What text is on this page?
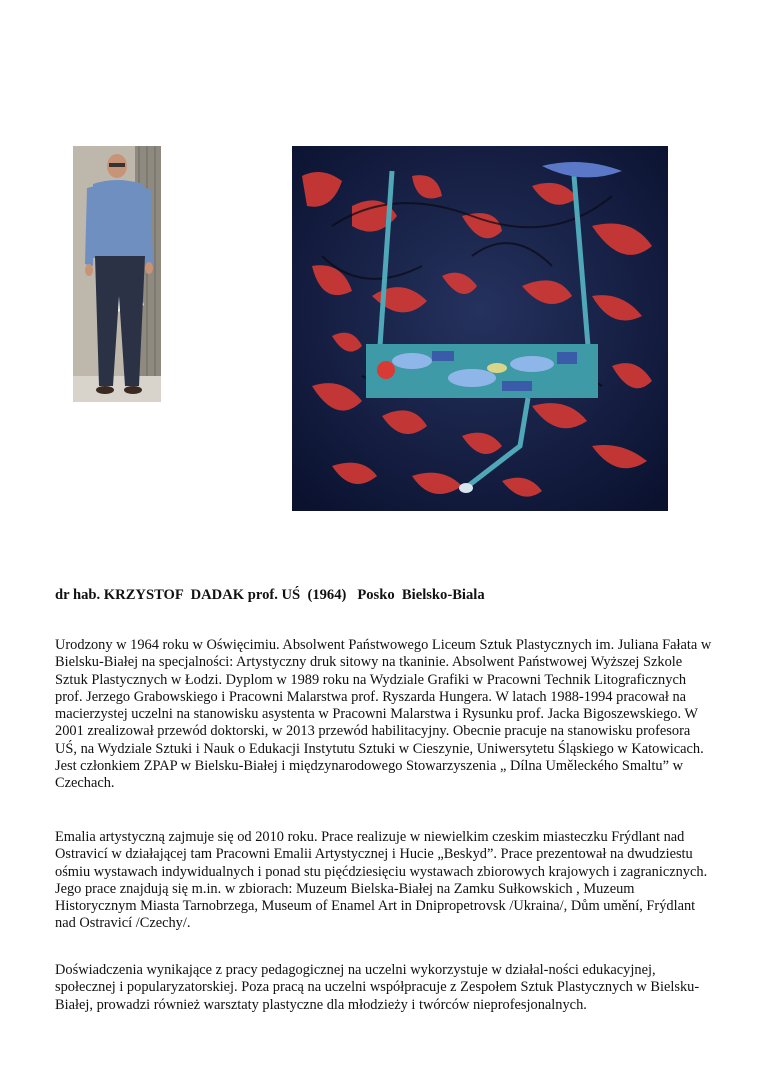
dr hab. KRZYSTOF  DADAK prof. UŚ  (1964)   Posko  Bielsko-Biala

Urodzony w 1964 roku w Oświęcimiu. Absolwent Państwowego Liceum Sztuk Plastycznych im. Juliana Fałata w Bielsku-Białej na specjalności: Artystyczny druk sitowy na tkaninie. Absolwent Państwowej Wyższej Szkole Sztuk Plastycznych w Łodzi. Dyplom w 1989 roku na Wydziale Grafiki w Pracowni Technik Litograficznych prof. Jerzego Grabowskiego i Pracowni Malarstwa prof. Ryszarda Hungera. W latach 1988-1994 pracował na macierzystej uczelni na stanowisku asystenta w Pracowni Malarstwa i Rysunku prof. Jacka Bigoszewskiego. W 2001 zrealizował przewód doktorski, w 2013 przewód habilitacyjny. Obecnie pracuje na stanowisku profesora UŚ, na Wydziale Sztuki i Nauk o Edukacji Instytutu Sztuki w Cieszynie, Uniwersytetu Śląskiego w Katowicach. Jest członkiem ZPAP w Bielsku-Białej i międzynarodowego Stowarzyszenia „ Dílna Uměleckého Smaltu” w Czechach.

Emalia artystyczną zajmuje się od 2010 roku. Prace realizuje w niewielkim czeskim miasteczku Frýdlant nad Ostravicí w działającej tam Pracowni Emalii Artystycznej i Hucie „Beskyd”. Prace prezentował na dwudziestu ośmiu wystawach indywidualnych i ponad stu pięćdziesięciu wystawach zbiorowych krajowych i zagranicznych. Jego prace znajdują się m.in. w zbiorach: Muzeum Bielska-Białej na Zamku Sułkowskich , Muzeum Historycznym Miasta Tarnobrzega, Museum of Enamel Art in Dnipropetrovsk /Ukraina/, Dům umění, Frýdlant nad Ostravicí /Czechy/.

Doświadczenia wynikające z pracy pedagogicznej na uczelni wykorzystuje w działal-ności edukacyjnej, społecznej i popularyzatorskiej. Poza pracą na uczelni współpracuje z Zespołem Sztuk Plastycznych w Bielsku-Białej, prowadzi również warsztaty plastyczne dla młodzieży i twórców nieprofesjonalnych.
